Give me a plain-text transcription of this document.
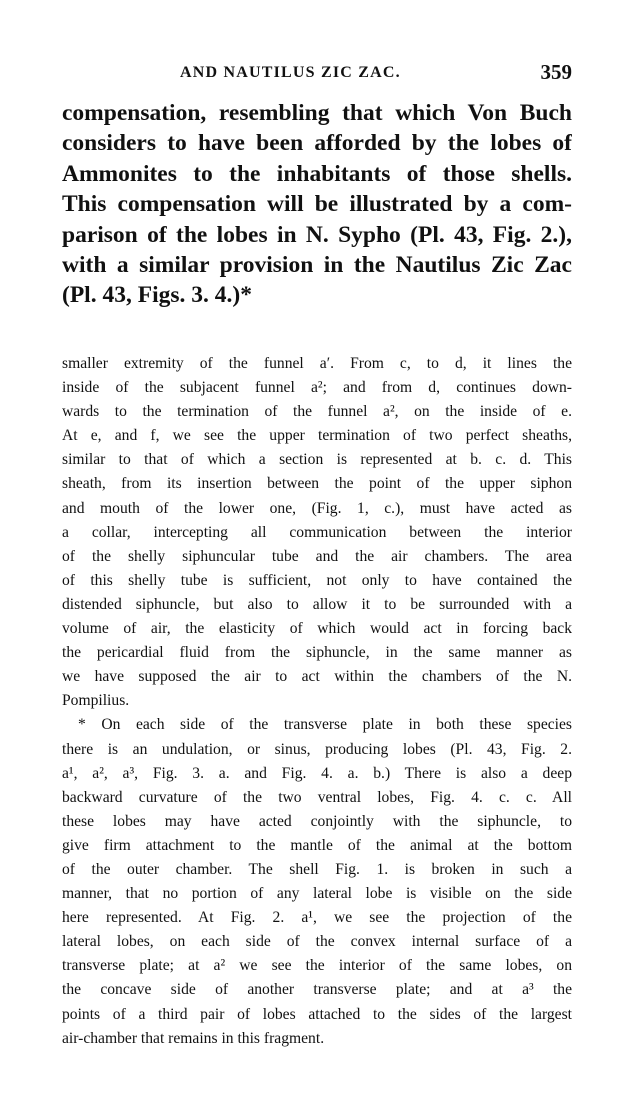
AND NAUTILUS ZIC ZAC.	359
compensation, resembling that which Von Buch
considers to have been afforded by the lobes of
Ammonites to the inhabitants of those shells.
This compensation will be illustrated by a com-
parison of the lobes in N. Sypho (Pl. 43, Fig. 2.),
with a similar provision in the Nautilus Zic Zac
(Pl. 43, Figs. 3. 4.)*
smaller extremity of the funnel a′. From c, to d, it lines the
inside of the subjacent funnel a²; and from d, continues down-
wards to the termination of the funnel a², on the inside of e.
At e, and f, we see the upper termination of two perfect sheaths,
similar to that of which a section is represented at b. c. d. This
sheath, from its insertion between the point of the upper siphon
and mouth of the lower one, (Fig. 1, c.), must have acted as
a collar, intercepting all communication between the interior
of the shelly siphuncular tube and the air chambers. The area
of this shelly tube is sufficient, not only to have contained the
distended siphuncle, but also to allow it to be surrounded with a
volume of air, the elasticity of which would act in forcing back
the pericardial fluid from the siphuncle, in the same manner as
we have supposed the air to act within the chambers of the N.
Pompilius.
* On each side of the transverse plate in both these species
there is an undulation, or sinus, producing lobes (Pl. 43, Fig. 2.
a¹, a², a³, Fig. 3. a. and Fig. 4. a. b.) There is also a deep
backward curvature of the two ventral lobes, Fig. 4. c. c. All
these lobes may have acted conjointly with the siphuncle, to
give firm attachment to the mantle of the animal at the bottom
of the outer chamber. The shell Fig. 1. is broken in such a
manner, that no portion of any lateral lobe is visible on the side
here represented. At Fig. 2. a¹, we see the projection of the
lateral lobes, on each side of the convex internal surface of a
transverse plate; at a² we see the interior of the same lobes, on
the concave side of another transverse plate; and at a³ the
points of a third pair of lobes attached to the sides of the largest
air-chamber that remains in this fragment.
